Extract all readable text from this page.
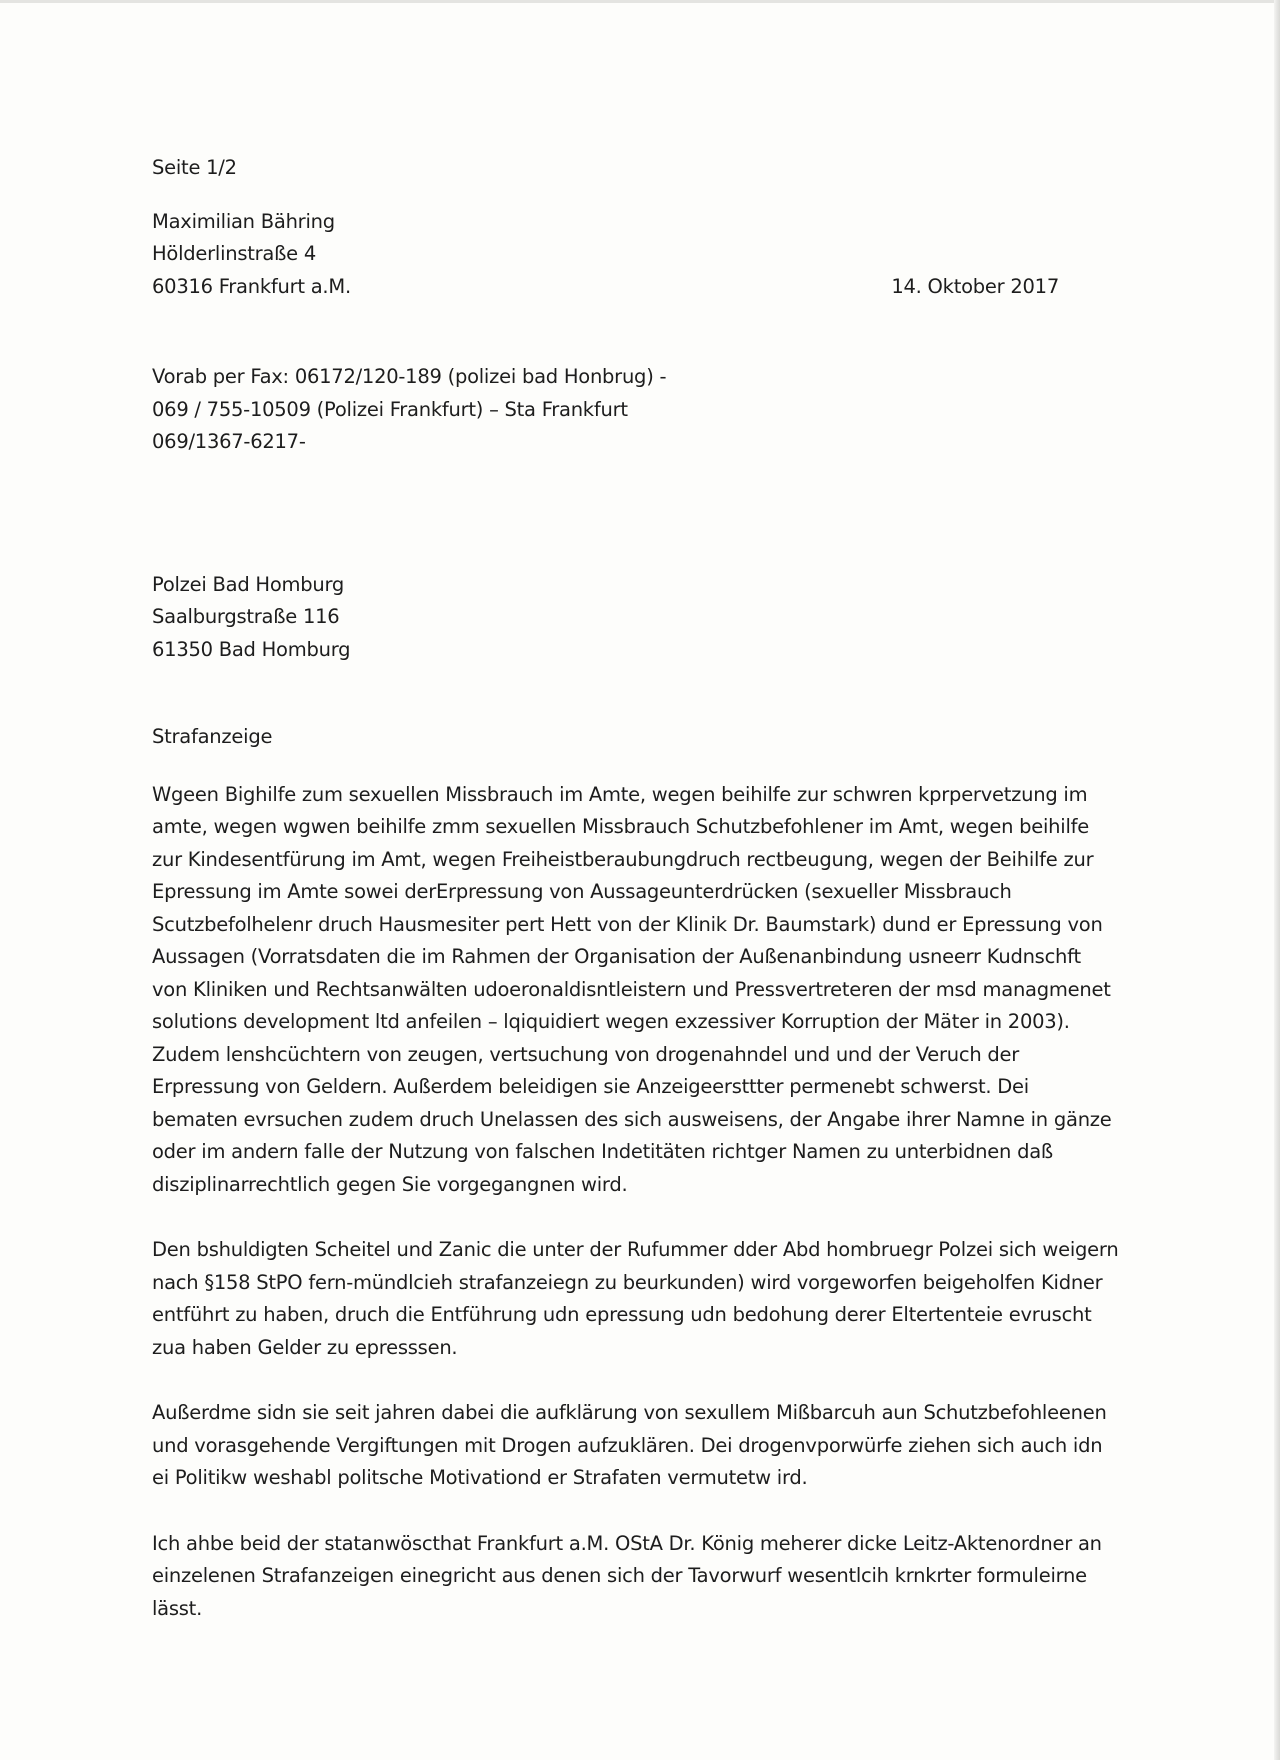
Seite 1/2

Maximilian Bähring
Hölderlinstraße 4
60316 Frankfurt a.M.	14. Oktober 2017
Vorab per Fax: 06172/120-189 (polizei bad Honbrug) -
069 / 755-10509 (Polizei Frankfurt) – Sta Frankfurt
069/1367-6217-
Polzei Bad Homburg
Saalburgstraße 116
61350 Bad Homburg

Strafanzeige

Wgeen Bighilfe zum sexuellen Missbrauch im Amte, wegen beihilfe zur schwren kprpervetzung im
amte, wegen wgwen beihilfe zmm sexuellen Missbrauch Schutzbefohlener im Amt, wegen beihilfe
zur Kindesentfürung im Amt, wegen Freiheistberaubungdruch rectbeugung, wegen der Beihilfe zur
Epressung im Amte sowei derErpressung von Aussageunterdrücken (sexueller Missbrauch
Scutzbefolhelenr druch Hausmesiter pert Hett von der Klinik Dr. Baumstark) dund er Epressung von
Aussagen (Vorratsdaten die im Rahmen der Organisation der Außenanbindung usneerr Kudnschft
von Kliniken und Rechtsanwälten udoeronaldisntleistern und Pressvertreteren der msd managmenet
solutions development ltd anfeilen – lqiquidiert wegen exzessiver Korruption der Mäter in 2003).
Zudem lenshcüchtern von zeugen, vertsuchung von drogenahndel und und der Veruch der
Erpressung von Geldern. Außerdem beleidigen sie Anzeigeersttter permenebt schwerst. Dei
bematen evrsuchen zudem druch Unelassen des sich ausweisens, der Angabe ihrer Namne in gänze
oder im andern falle der Nutzung von falschen Indetitäten richtger Namen zu unterbidnen daß
disziplinarrechtlich gegen Sie vorgegangnen wird.
Den bshuldigten Scheitel und Zanic die unter der Rufummer dder Abd hombruegr Polzei sich weigern
nach §158 StPO fern-mündlcieh strafanzeiegn zu beurkunden) wird vorgeworfen beigeholfen Kidner
entführt zu haben, druch die Entführung udn epressung udn bedohung derer Eltertenteie evruscht
zua haben Gelder zu epresssen.
Außerdme sidn sie seit jahren dabei die aufklärung von sexullem Mißbarcuh aun Schutzbefohleenen
und vorasgehende Vergiftungen mit Drogen aufzuklären. Dei drogenvporwürfe ziehen sich auch idn
ei Politikw weshabl politsche Motivationd er Strafaten vermutetw ird.
Ich ahbe beid der statanwöscthat Frankfurt a.M. OStA Dr. König meherer dicke Leitz-Aktenordner an
einzelenen Strafanzeigen einegricht aus denen sich der Tavorwurf wesentlcih krnkrter formuleirne
lässt.
